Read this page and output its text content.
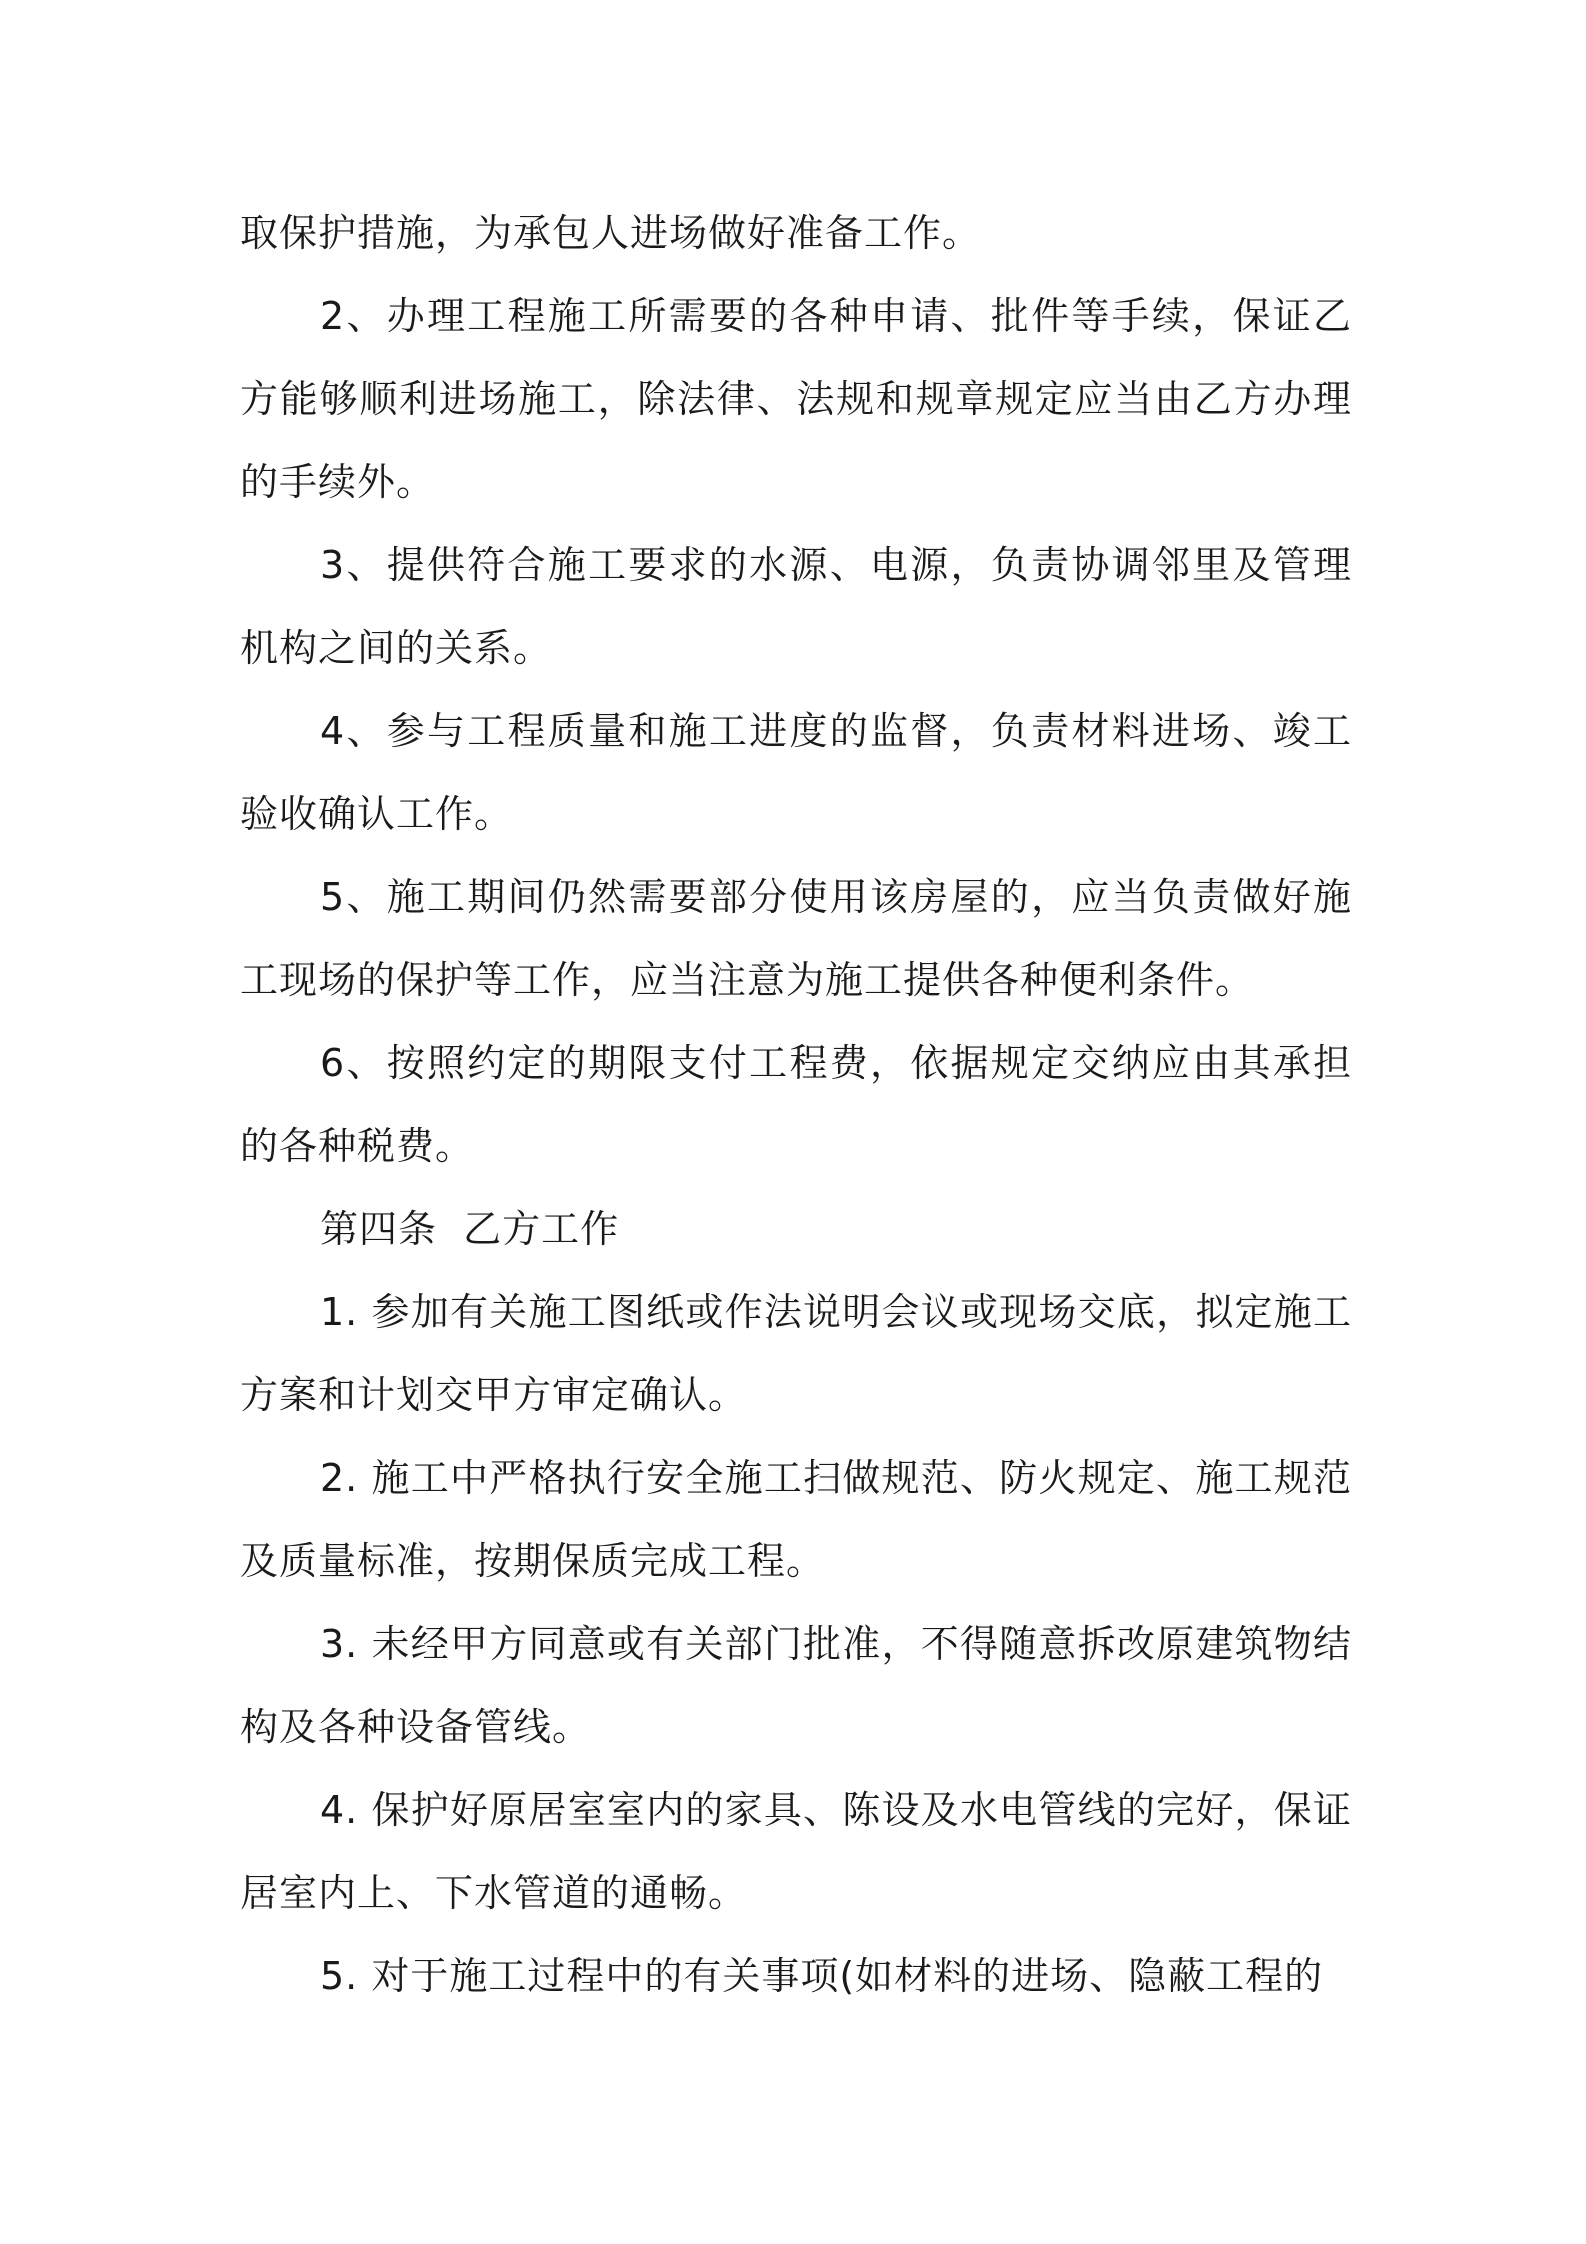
取保护措施，为承包人进场做好准备工作。

2、办理工程施工所需要的各种申请、批件等手续，保证乙方能够顺利进场施工，除法律、法规和规章规定应当由乙方办理的手续外。

3、提供符合施工要求的水源、电源，负责协调邻里及管理机构之间的关系。

4、参与工程质量和施工进度的监督，负责材料进场、竣工验收确认工作。

5、施工期间仍然需要部分使用该房屋的，应当负责做好施工现场的保护等工作，应当注意为施工提供各种便利条件。

6、按照约定的期限支付工程费，依据规定交纳应由其承担的各种税费。

第四条  乙方工作

1. 参加有关施工图纸或作法说明会议或现场交底，拟定施工方案和计划交甲方审定确认。

2. 施工中严格执行安全施工扫做规范、防火规定、施工规范及质量标准，按期保质完成工程。

3. 未经甲方同意或有关部门批准，不得随意拆改原建筑物结构及各种设备管线。

4. 保护好原居室室内的家具、陈设及水电管线的完好，保证居室内上、下水管道的通畅。

5. 对于施工过程中的有关事项(如材料的进场、隐蔽工程的
